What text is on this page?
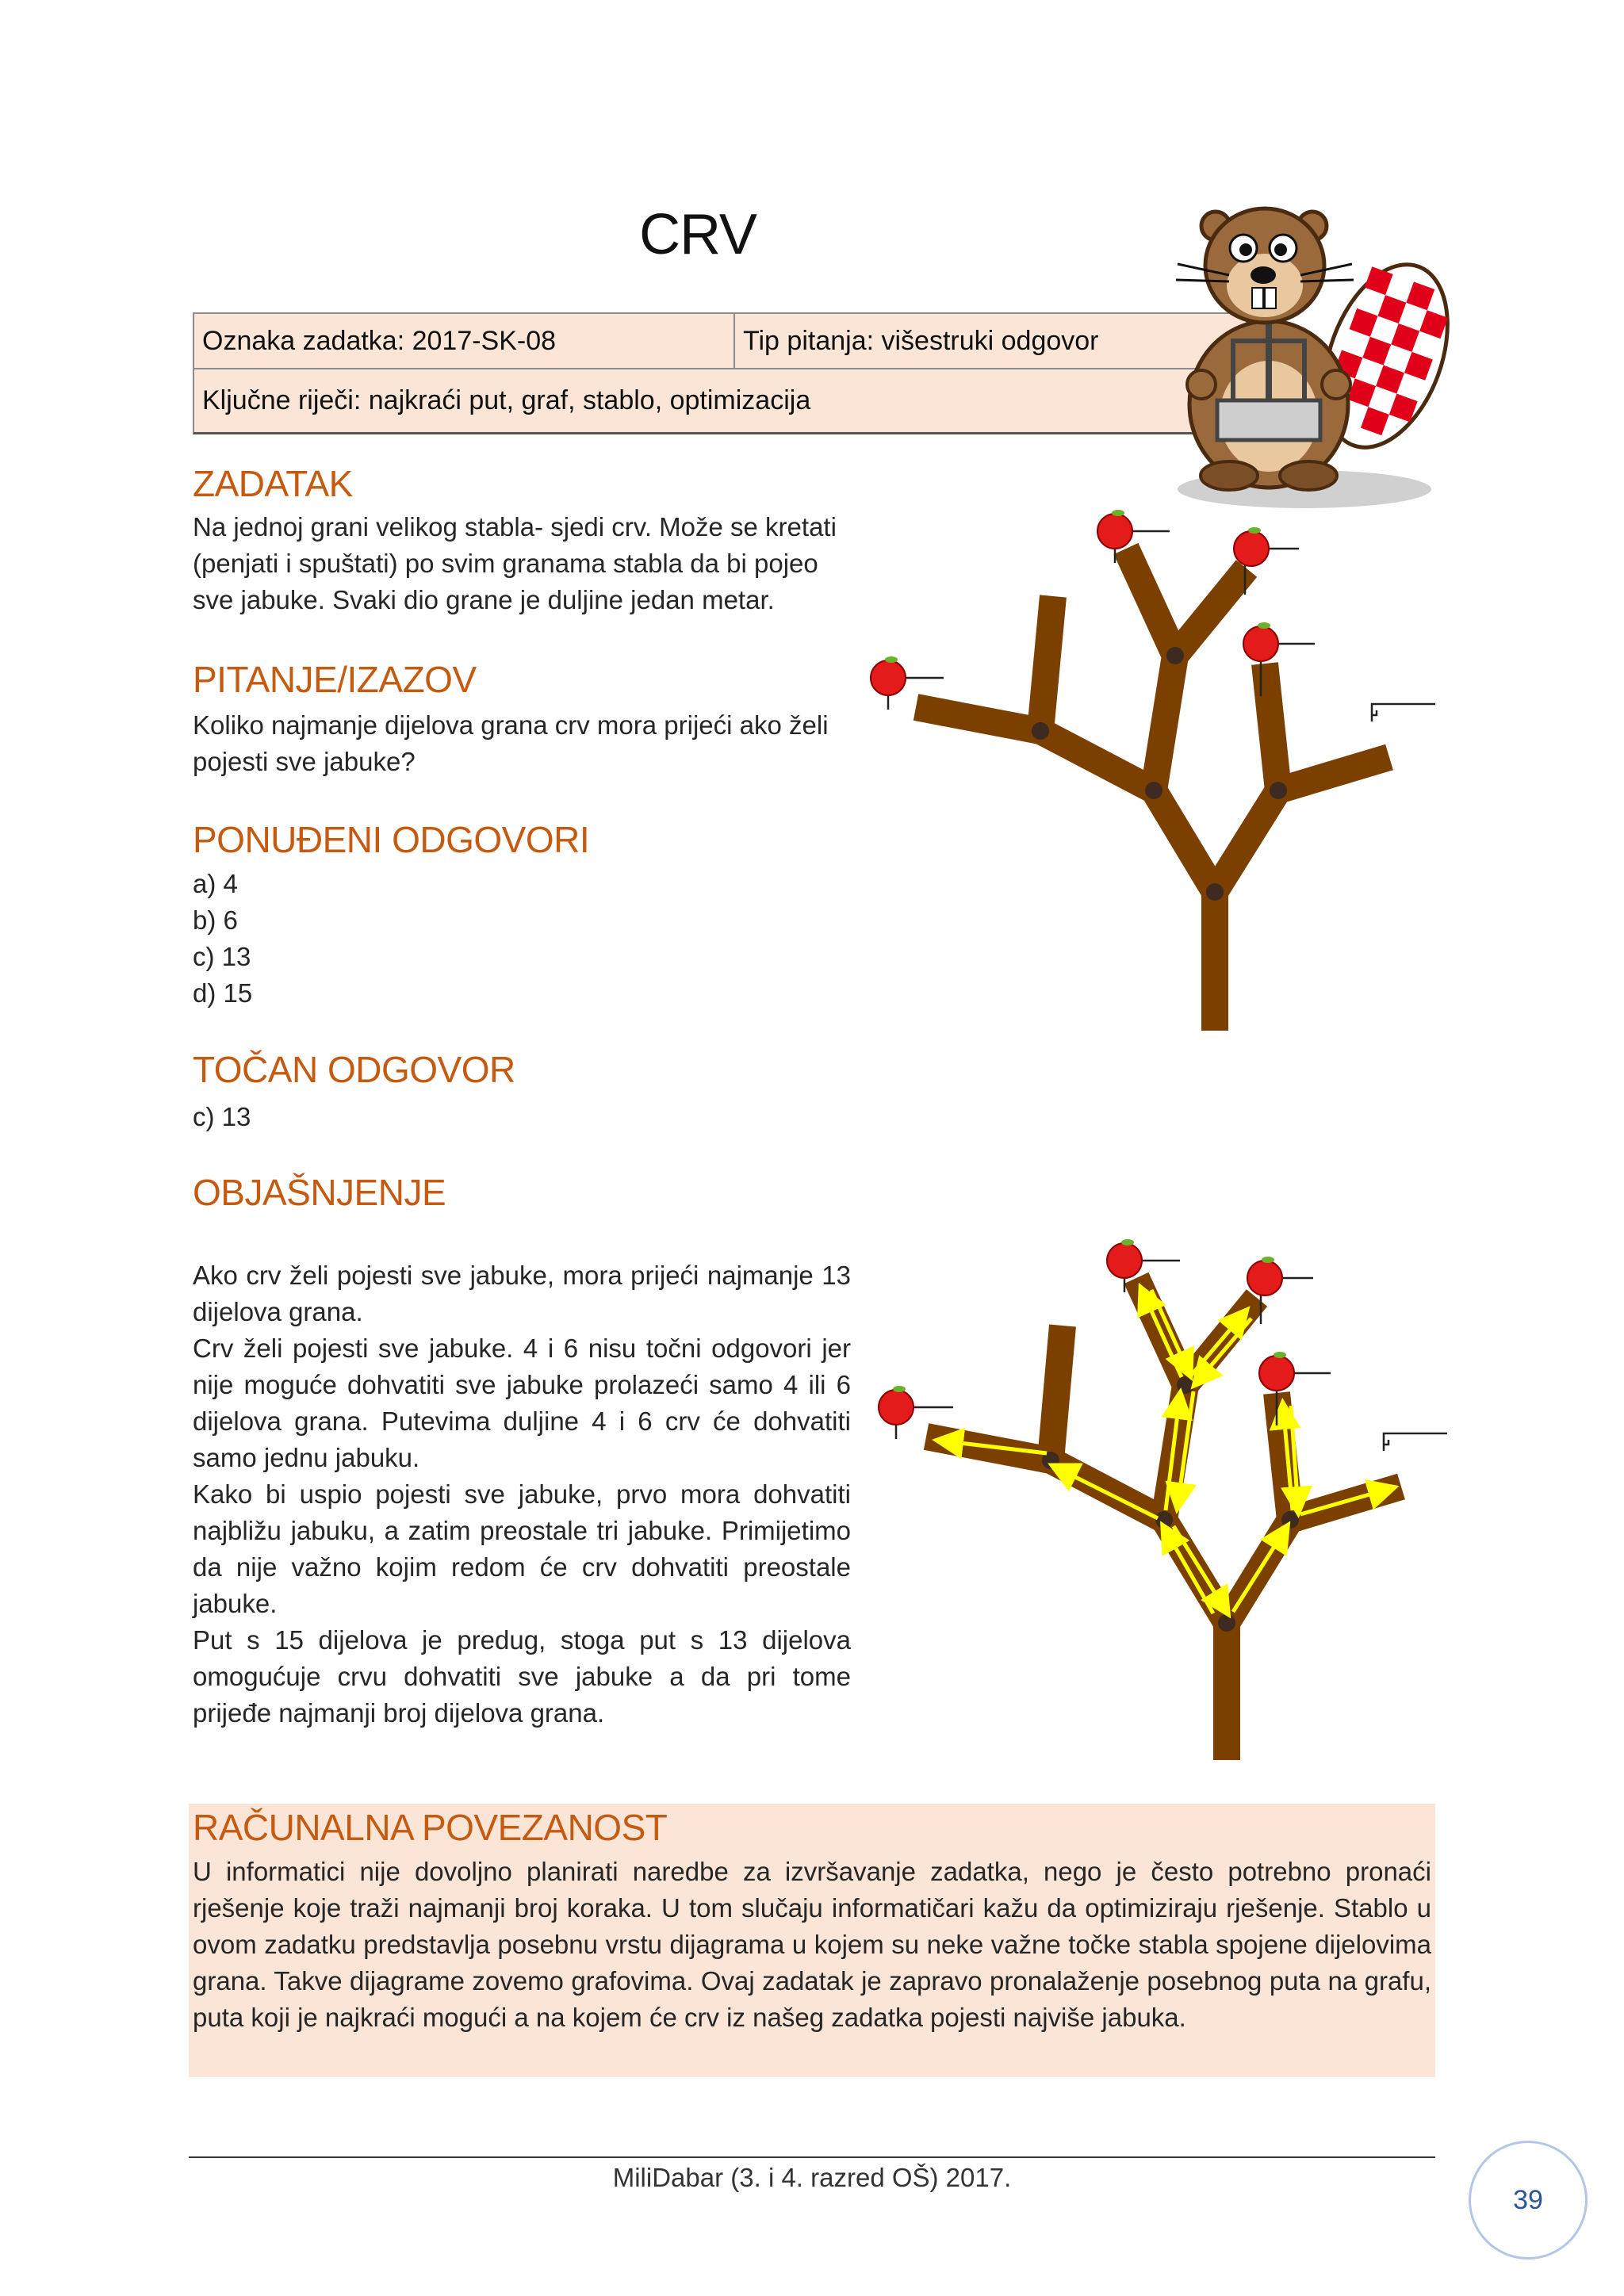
CRV
Oznaka zadatka: 2017-SK-08	Tip pitanja: višestruki odgovor
Ključne riječi: najkraći put, graf, stablo, optimizacija
ZADATAK
Na jednoj grani velikog stabla- sjedi crv. Može se kretati
(penjati i spuštati) po svim granama stabla da bi pojeo
sve jabuke. Svaki dio grane je duljine jedan metar.
PITANJE/IZAZOV
Koliko najmanje dijelova grana crv mora prijeći ako želi
pojesti sve jabuke?
PONUĐENI ODGOVORI
a) 4
b) 6
c) 13
d) 15
TOČAN ODGOVOR
c) 13
OBJAŠNJENJE
Ako crv želi pojesti sve jabuke, mora prijeći najmanje 13 dijelova grana.
Crv želi pojesti sve jabuke. 4 i 6 nisu točni odgovori jer nije moguće dohvatiti sve jabuke prolazeći samo 4 ili 6 dijelova grana. Putevima duljine 4 i 6 crv će dohvatiti samo jednu jabuku.
Kako bi uspio pojesti sve jabuke, prvo mora dohvatiti najbližu jabuku, a zatim preostale tri jabuke. Primijetimo da nije važno kojim redom će crv dohvatiti preostale jabuke.
Put s 15 dijelova je predug, stoga put s 13 dijelova omogućuje crvu dohvatiti sve jabuke a da pri tome prijeđe najmanji broj dijelova grana.
RAČUNALNA POVEZANOST
U informatici nije dovoljno planirati naredbe za izvršavanje zadatka, nego je često potrebno pronaći rješenje koje traži najmanji broj koraka. U tom slučaju informatičari kažu da optimiziraju rješenje. Stablo u ovom zadatku predstavlja posebnu vrstu dijagrama u kojem su neke važne točke stabla spojene dijelovima grana. Takve dijagrame zovemo grafovima. Ovaj zadatak je zapravo pronalaženje posebnog puta na grafu, puta koji je najkraći mogući a na kojem će crv iz našeg zadatka pojesti najviše jabuka.
MiliDabar (3. i 4. razred OŠ) 2017.
39
